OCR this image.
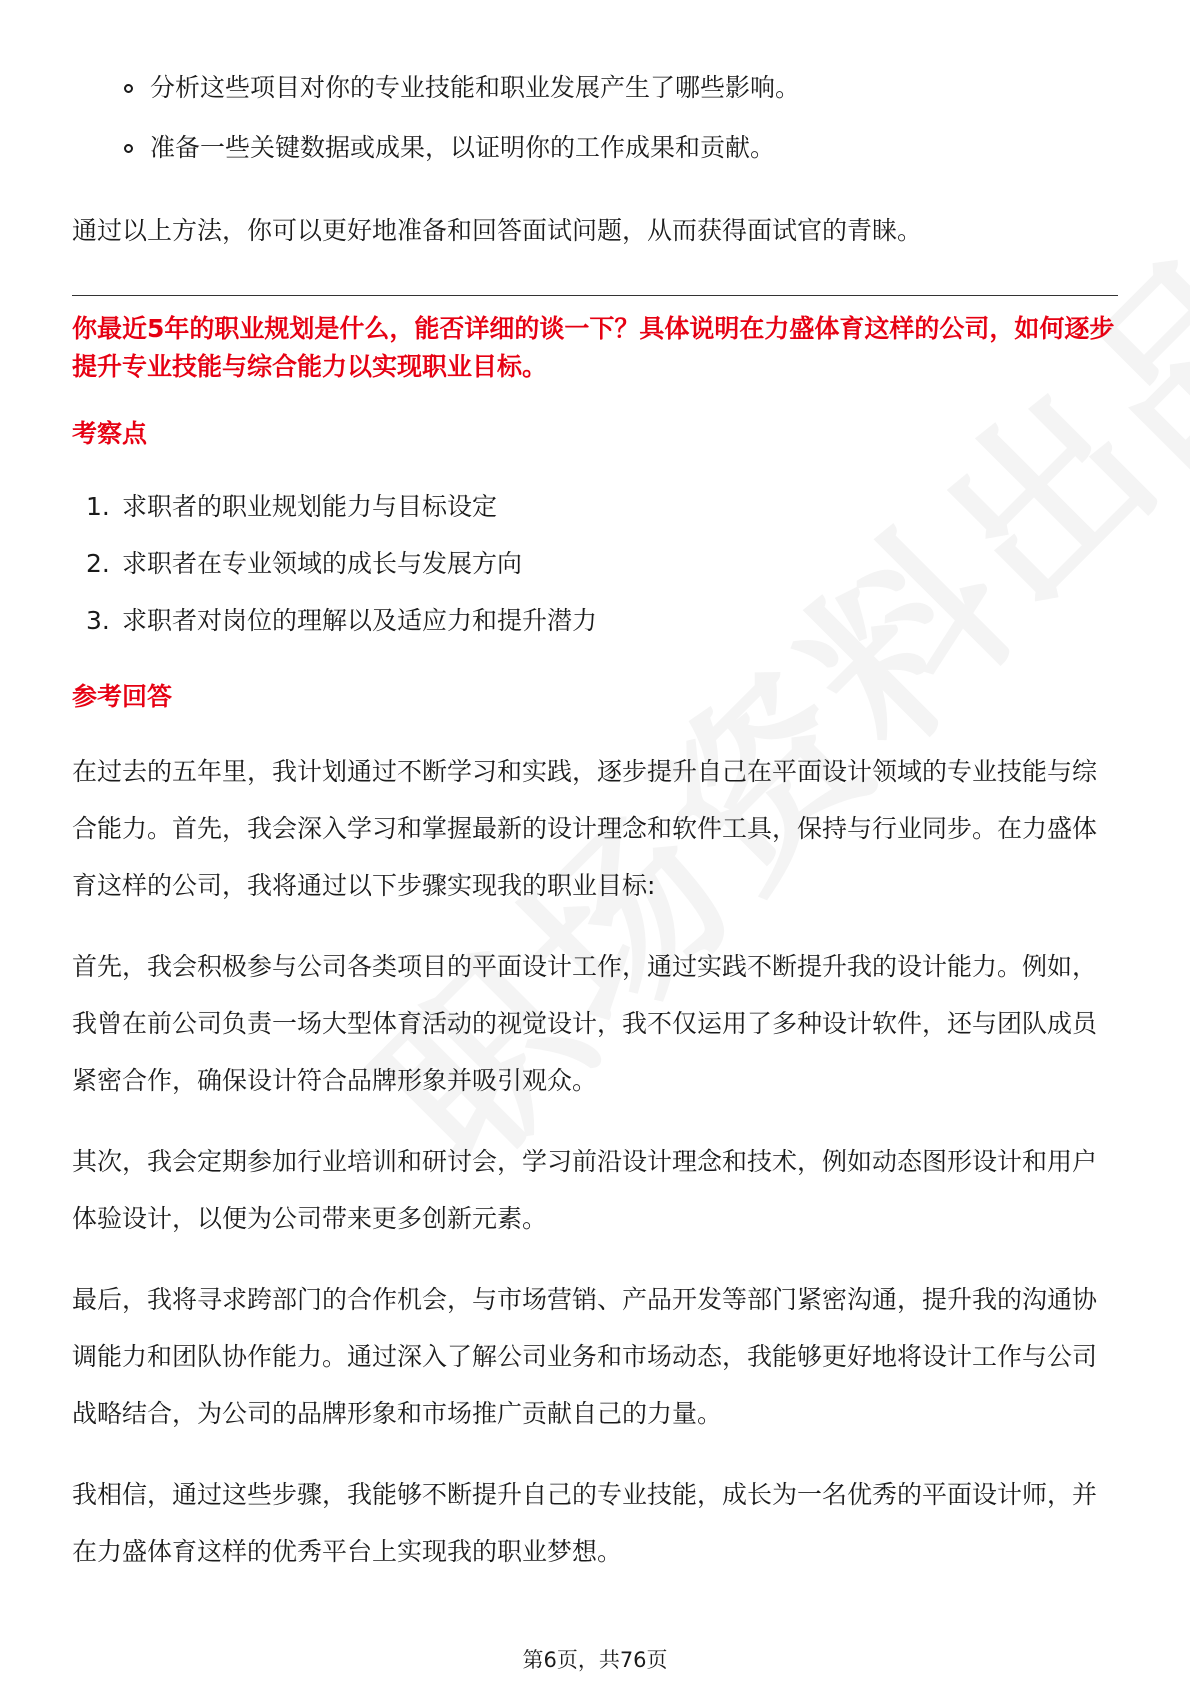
分析这些项目对你的专业技能和职业发展产生了哪些影响。
准备一些关键数据或成果，以证明你的工作成果和贡献。

通过以上方法，你可以更好地准备和回答面试问题，从而获得面试官的青睐。

你最近5年的职业规划是什么，能否详细的谈一下？具体说明在力盛体育这样的公司，如何逐步提升专业技能与综合能力以实现职业目标。

考察点
1. 求职者的职业规划能力与目标设定
2. 求职者在专业领域的成长与发展方向
3. 求职者对岗位的理解以及适应力和提升潜力
参考回答

在过去的五年里，我计划通过不断学习和实践，逐步提升自己在平面设计领域的专业技能与综合能力。首先，我会深入学习和掌握最新的设计理念和软件工具，保持与行业同步。在力盛体育这样的公司，我将通过以下步骤实现我的职业目标:

首先，我会积极参与公司各类项目的平面设计工作，通过实践不断提升我的设计能力。例如，我曾在前公司负责一场大型体育活动的视觉设计，我不仅运用了多种设计软件，还与团队成员紧密合作，确保设计符合品牌形象并吸引观众。

其次，我会定期参加行业培训和研讨会，学习前沿设计理念和技术，例如动态图形设计和用户体验设计，以便为公司带来更多创新元素。

最后，我将寻求跨部门的合作机会，与市场营销、产品开发等部门紧密沟通，提升我的沟通协调能力和团队协作能力。通过深入了解公司业务和市场动态，我能够更好地将设计工作与公司战略结合，为公司的品牌形象和市场推广贡献自己的力量。

我相信，通过这些步骤，我能够不断提升自己的专业技能，成长为一名优秀的平面设计师，并在力盛体育这样的优秀平台上实现我的职业梦想。

第6页，共76页
